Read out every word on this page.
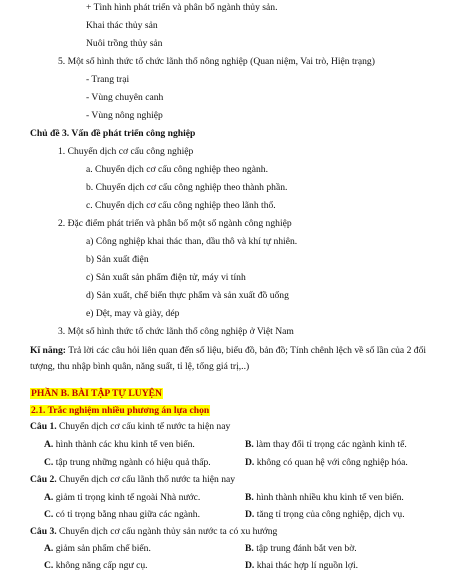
+ Tình hình phát triển và phân bố ngành thủy sản.
Khai thác thủy sản
Nuôi trồng thủy sản
5. Một số hình thức tổ chức lãnh thổ nông nghiệp (Quan niệm, Vai trò, Hiện trạng)
- Trang trại
- Vùng chuyên canh
- Vùng nông nghiệp
Chủ đề 3. Vấn đề phát triển công nghiệp
1. Chuyển dịch cơ cấu công nghiệp
a. Chuyển dịch cơ cấu công nghiệp theo ngành.
b. Chuyển dịch cơ cấu công nghiệp theo thành phần.
c. Chuyển dịch cơ cấu công nghiệp theo lãnh thổ.
2. Đặc điểm phát triển và phân bố một số ngành công nghiệp
a) Công nghiệp khai thác than, dầu thô và khí tự nhiên.
b) Sản xuất điện
c) Sản xuất sản phẩm điện tử, máy vi tính
d) Sản xuất, chế biến thực phẩm và sản xuất đồ uống
e) Dệt, may và giày, dép
3. Một số hình thức tổ chức lãnh thổ công nghiệp ở Việt Nam
Kĩ năng: Trả lời các câu hỏi liên quan đến số liệu, biểu đồ, bản đồ; Tính chênh lệch về số lần của 2 đối tượng, thu nhập bình quân, năng suất, tỉ lệ, tổng giá trị,..)
PHẦN B. BÀI TẬP TỰ LUYỆN
2.1. Trắc nghiệm nhiều phương án lựa chọn
Câu 1. Chuyển dịch cơ cấu kinh tế nước ta hiện nay
A. hình thành các khu kinh tế ven biển.	B. làm thay đổi tỉ trọng các ngành kinh tế.
C. tập trung những ngành có hiệu quả thấp.	D. không có quan hệ với công nghiệp hóa.
Câu 2. Chuyển dịch cơ cấu lãnh thổ nước ta hiện nay
A. giảm tỉ trọng kinh tế ngoài Nhà nước.	B. hình thành nhiều khu kinh tế ven biển.
C. có tỉ trọng bằng nhau giữa các ngành.	D. tăng tỉ trọng của công nghiệp, dịch vụ.
Câu 3. Chuyển dịch cơ cấu ngành thủy sản nước ta có xu hướng
A. giảm sản phẩm chế biến.	B. tập trung đánh bắt ven bờ.
C. không năng cấp ngư cụ.	D. khai thác hợp lí nguồn lợi.
